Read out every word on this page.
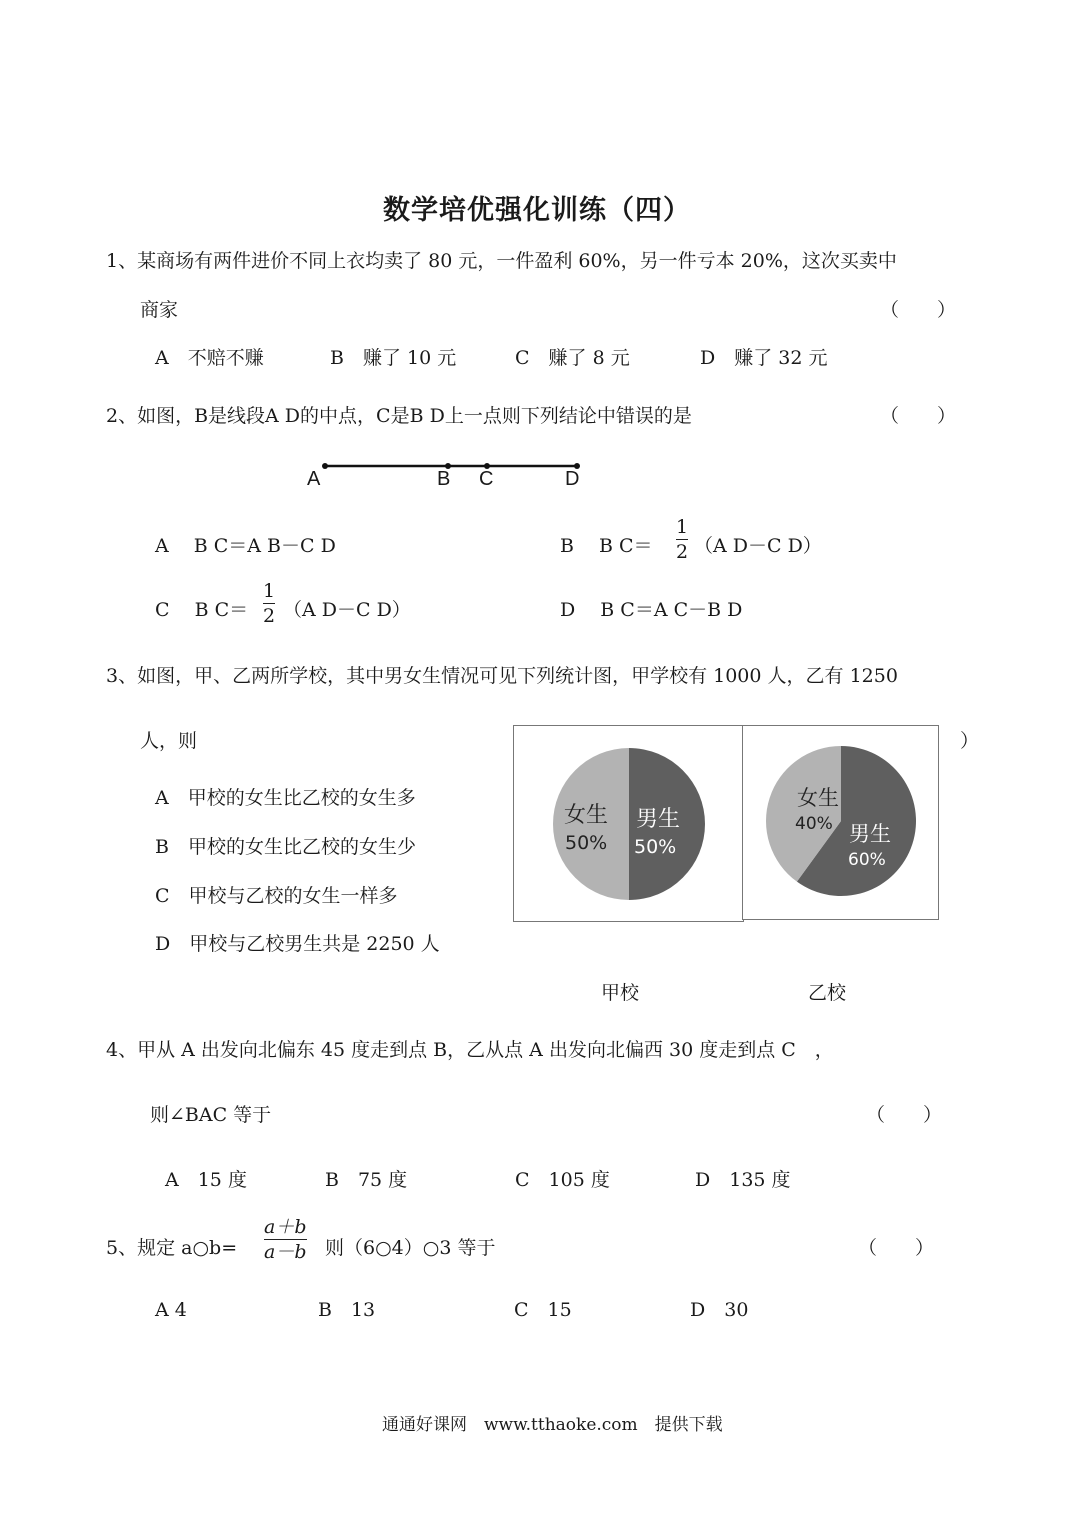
数学培优强化训练（四）
1、某商场有两件进价不同上衣均卖了 80 元，一件盈利 60%，另一件亏本 20%，这次买卖中
商家	（　　）
A　不赔不赚	B　赚了 10 元	C　赚了 8 元	D　赚了 32 元
2、如图，B是线段A D的中点，C是B D上一点则下列结论中错误的是	（　　）
A	B C	D
A　 B C＝A B－C D	B　 B C＝
1
2 （A D－C D）
C　 B C＝
1
2 （A D－C D）	D　 B C＝A C－B D
3、如图，甲、乙两所学校，其中男女生情况可见下列统计图，甲学校有 1000 人，乙有 1250
人，则	）
A　甲校的女生比乙校的女生多
B　甲校的女生比乙校的女生少
C　甲校与乙校的女生一样多
D　甲校与乙校男生共是 2250 人
女生
50%
男生
50%
女生
40% 男生
60%
甲校	乙校
4、甲从 A 出发向北偏东 45 度走到点 B，乙从点 A 出发向北偏西 30 度走到点 C　，
则∠BAC 等于	（　　）
A　15 度	B　75 度	C　105 度	D　135 度
5、规定 a○b=
a＋b
a－b 则（6○4）○3 等于	（　　）
A 4	B　13	C　15	D　30
通通好课网　www.tthaoke.com　提供下载
